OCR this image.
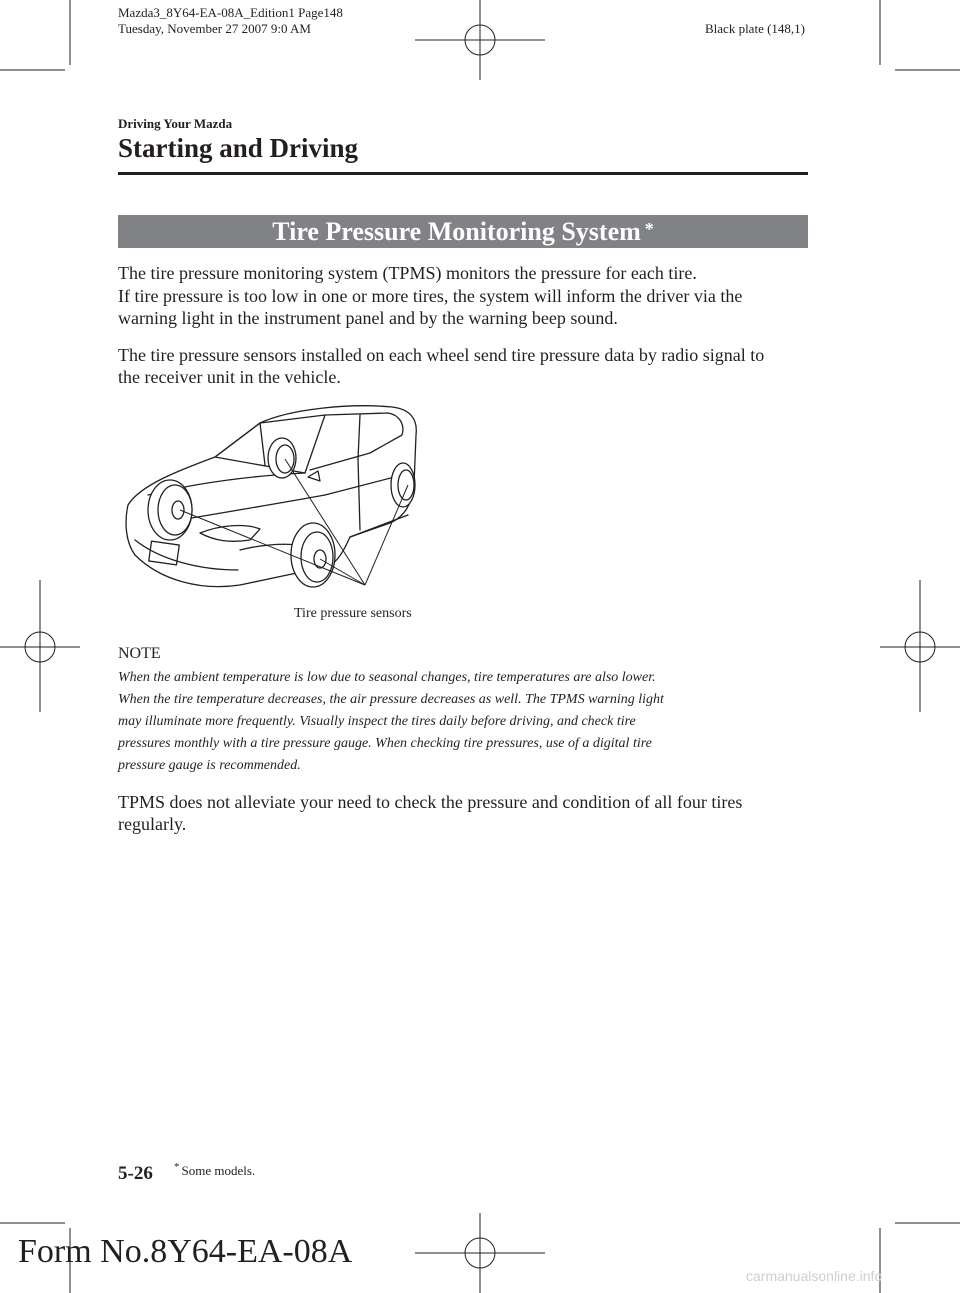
Mazda3_8Y64-EA-08A_Edition1 Page148
Tuesday, November 27 2007 9:0 AM	Black plate (148,1)
Driving Your Mazda
Starting and Driving
Tire Pressure Monitoring System *
The tire pressure monitoring system (TPMS) monitors the pressure for each tire.
If tire pressure is too low in one or more tires, the system will inform the driver via the
warning light in the instrument panel and by the warning beep sound.
The tire pressure sensors installed on each wheel send tire pressure data by radio signal to
the receiver unit in the vehicle.
Tire pressure sensors
NOTE
When the ambient temperature is low due to seasonal changes, tire temperatures are also lower.
When the tire temperature decreases, the air pressure decreases as well. The TPMS warning light
may illuminate more frequently. Visually inspect the tires daily before driving, and check tire
pressures monthly with a tire pressure gauge. When checking tire pressures, use of a digital tire
pressure gauge is recommended.
TPMS does not alleviate your need to check the pressure and condition of all four tires
regularly.
5-26 * Some models.
Form No.8Y64-EA-08A
carmanualsonline.info
